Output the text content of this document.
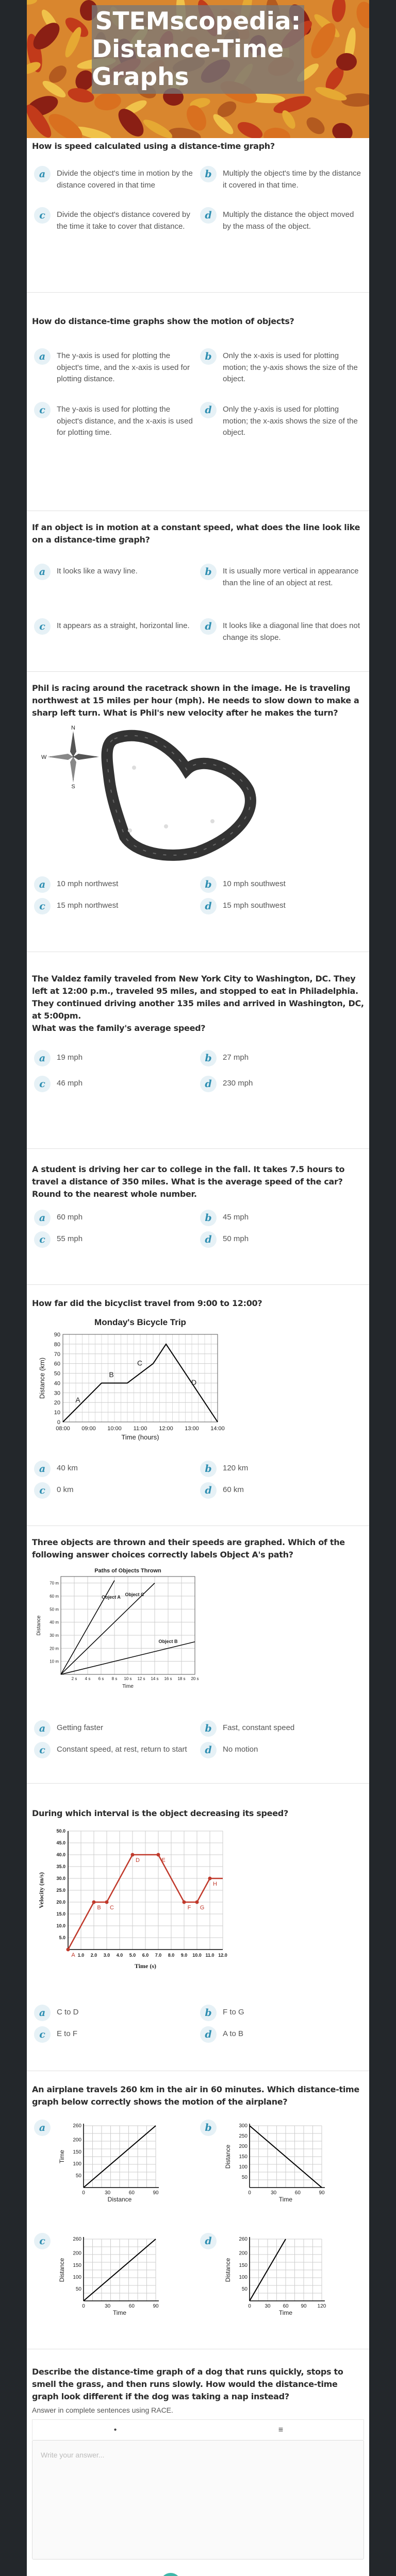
STEMscopedia:
Distance-Time Graphs
How is speed calculated using a distance-time graph?
a	Divide the object's time in motion by the distance covered in that time
b	Multiply the object's time by the distance it covered in that time.
c	Divide the object's distance covered by the time it take to cover that distance.
d	Multiply the distance the object moved by the mass of the object.
How do distance-time graphs show the motion of objects?
a	The y-axis is used for plotting the object's time, and the x-axis is used for plotting distance.
b	Only the x-axis is used for plotting motion; the y-axis shows the size of the object.
c	The y-axis is used for plotting the object's distance, and the x-axis is used for plotting time.
d	Only the y-axis is used for plotting motion; the x-axis shows the size of the object.
If an object is in motion at a constant speed, what does the line look like on a distance-time graph?
a	It looks like a wavy line.	b	It is usually more vertical in appearance than the line of an object at rest.
c	It appears as a straight, horizontal line.	d	It looks like a diagonal line that does not change its slope.
Phil is racing around the racetrack shown in the image. He is traveling northwest at 15 miles per hour (mph). He needs to slow down to make a sharp left turn. What is Phil's new velocity after he makes the turn?
N
E
S
W
a	10 mph northwest	b	10 mph southwest
c	15 mph northwest	d	15 mph southwest
The Valdez family traveled from New York City to Washington, DC. They left at 12:00 p.m., traveled 95 miles, and stopped to eat in Philadelphia. They continued driving another 135 miles and arrived in Washington, DC, at 5:00pm.
What was the family's average speed?
a	19 mph	b	27 mph
c	46 mph	d	230 mph
A student is driving her car to college in the fall. It takes 7.5 hours to travel a distance of 350 miles. What is the average speed of the car? Round to the nearest whole number.
a	60 mph	b	45 mph
c	55 mph	d	50 mph
How far did the bicyclist travel from 9:00 to 12:00?
Monday's Bicycle Trip
0
10
20
30
40
50
60
70
80
90
08:00 09:00 10:00 11:00 12:00 13:00 14:00
Time (hours)
Distance (km)
A
B
C
D
a	40 km	b	120 km
c	0 km	d	60 km
Three objects are thrown and their speeds are graphed. Which of the following answer choices correctly labels Object A's path?
Paths of Objects Thrown
2 s 4 s 6 s 8 s 10 s 12 s 14 s 16 s 18 s 20 s
10 m
20 m
30 m
40 m
50 m
60 m
70 m
Time
Distance
Object A
Object B
Object C
a	Getting faster	b	Fast, constant speed
c	Constant speed, at rest, return to start	d	No motion
During which interval is the object decreasing its speed?
1.0 2.0 3.0 4.0 5.0 6.0 7.0 8.0 9.0 10.0 11.0 12.0
5.0
10.0
15.0
20.0
25.0
30.0
35.0
40.0
45.0
50.0
Time (s)
Velocity (m/s)
A
B C
D	E
F G
H
a	C to D	b	F to G
c	E to F	d	A to B
An airplane travels 260 km in the air in 60 minutes. Which distance-time graph below correctly shows the motion of the airplane?
a
0	30	60	90
50
100
150
200
260
Distance
Time
b
0	30	60	90
50
100
150
200
250
300
Time
Distance
c
0	30	60	90
50
100
150
200
260
Time
Distance
d
0	30 60 90 120
50
100
150
200
260
Time
Distance
Describe the distance-time graph of a dog that runs quickly, stops to smell the grass, and then runs slowly. How would the distance-time graph look different if the dog was taking a nap instead?
Answer in complete sentences using RACE.
•	≡
Write your answer...
